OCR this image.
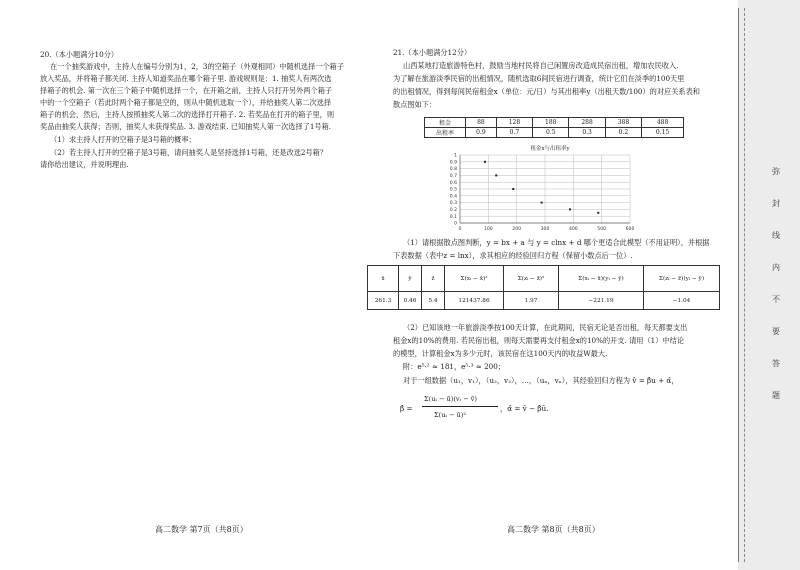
20.（本小题满分10分）
在一个抽奖游戏中，主持人在编号分别为1，2，3的空箱子（外观相同）中随机选择一个箱子
放入奖品，并将箱子都关闭. 主持人知道奖品在哪个箱子里. 游戏规则是：1. 抽奖人有两次选
择箱子的机会. 第一次在三个箱子中随机选择一个，在开箱之前，主持人只打开另外两个箱子
中的一个空箱子（若此时两个箱子都是空的，则从中随机选取一个），并给抽奖人第二次选择
箱子的机会，然后，主持人按照抽奖人第二次的选择打开箱子. 2. 若奖品在打开的箱子里，则
奖品由抽奖人获得；否则，抽奖人未获得奖品. 3. 游戏结束. 已知抽奖人第一次选择了1号箱.
（1）求主持人打开的空箱子是3号箱的概率；
（2）若主持人打开的空箱子是3号箱，请问抽奖人是坚持选择1号箱，还是改选2号箱？
请你给出建议，并说明理由.
高二数学 第7页（共8页）
21.（本小题满分12分）
山西某地打造旅游特色村，鼓励当地村民将自己闲置房改造成民宿出租，增加农民收入.
为了解在旅游淡季民宿的出租情况，随机选取6间民宿进行调查，统计它们在淡季的100天里
的出租情况，得到每间民宿租金x（单位：元/日）与其出租率y（出租天数/100）的对应关系表和
散点图如下：
租金	88	128	188	288	388	488
出租率	0.9	0.7	0.5	0.3	0.2	0.15
租金x与出租率y
0
0.1
0.2
0.3
0.4
0.5
0.6
0.7
0.8
0.9
1
0	100	200	300	400	500	600
（1）请根据散点图判断，y = bx + a 与 y = clnx + d 哪个更适合此模型（不用证明），并根据
下表数据（表中z = lnx），求其相应的经验回归方程（保留小数点后一位）.
x̄	ȳ	z̄	Σ(xᵢ − x̄)²	Σ(zᵢ − z̄)²	Σ(xᵢ − x̄)(yᵢ − ȳ)	Σ(zᵢ − z̄)(yᵢ − ȳ)
261.3	0.46	5.4	121437.86	1.97	−221.19	−1.04
（2）已知该地一年旅游淡季按100天计算，在此期间，民宿无论是否出租，每天都要支出
租金x的10%的费用. 若民宿出租，则每天需要再支付租金x的10%的开支. 请用（1）中结论
的模型，计算租金x为多少元时，该民宿在这100天内的收益W最大.
附：e⁵·² ≈ 181，e⁵·³ ≈ 200；
对于一组数据（u₁，v₁），（u₂，v₂），…，（uₙ，vₙ），其经验回归方程为 v̂ = β̂u + α̂，
β̂ =
Σ(uᵢ − ū)(vᵢ − v̄)
Σ(uᵢ − ū)²
，α̂ = v̄ − β̂ū.
高二数学 第8页（共8页）
弥
封
线
内
不
要
答
题
